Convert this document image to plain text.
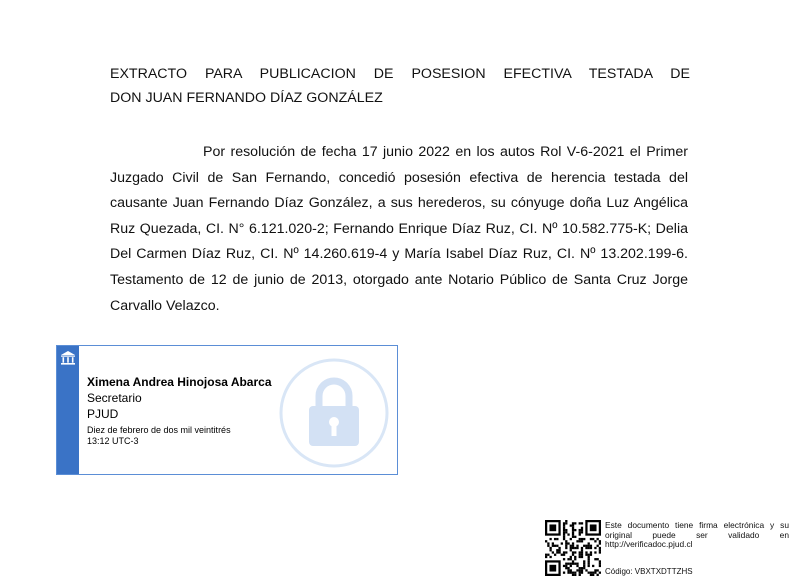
EXTRACTO PARA PUBLICACION DE POSESION EFECTIVA TESTADA DE
DON JUAN FERNANDO DÍAZ GONZÁLEZ

Por resolución de fecha 17 junio 2022 en los autos Rol V-6-2021 el Primer Juzgado Civil de San Fernando, concedió posesión efectiva de herencia testada del causante Juan Fernando Díaz González, a sus herederos, su cónyuge doña Luz Angélica Ruz Quezada, CI. N° 6.121.020-2; Fernando Enrique Díaz Ruz, CI. Nº 10.582.775-K; Delia Del Carmen Díaz Ruz, CI. Nº 14.260.619-4 y María Isabel Díaz Ruz, CI. Nº 13.202.199-6. Testamento de 12 de junio de 2013, otorgado ante Notario Público de Santa Cruz Jorge Carvallo Velazco.

Ximena Andrea Hinojosa Abarca
Secretario
PJUD
Diez de febrero de dos mil veintitrés
13:12 UTC-3
Este documento tiene firma electrónica y su original puede ser validado en http://verificadoc.pjud.cl
Código: VBXTXDTTZHS
